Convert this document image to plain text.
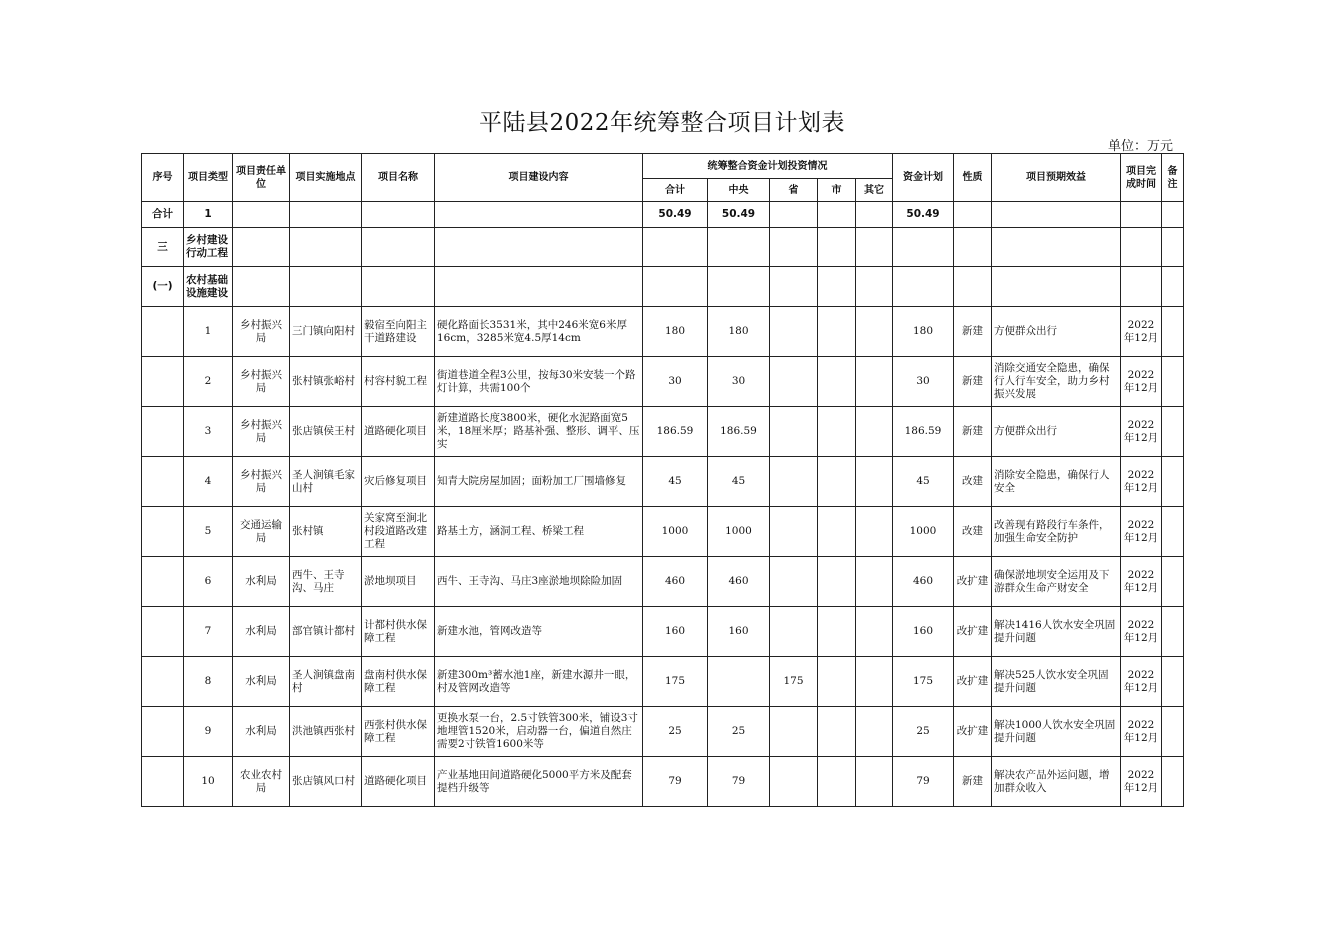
平陆县2022年统筹整合项目计划表
单位：万元
序号	项目类型	项目责任单位	项目实施地点	项目名称	项目建设内容	统筹整合资金计划投资情况					资金计划	性质	项目预期效益	项目完成时间	备注
						合计	中央	省	市	其它					
合计	1					50.49	50.49				50.49				
三	乡村建设行动工程														
(一)	农村基础设施建设														
	1	乡村振兴局	三门镇向阳村	毅宿至向阳主干道路建设	硬化路面长3531米，其中246米宽6米厚16cm，3285米宽4.5厚14cm	180	180				180	新建	方便群众出行	2022年12月	
	2	乡村振兴局	张村镇张峪村	村容村貌工程	街道巷道全程3公里，按每30米安装一个路灯计算，共需100个	30	30				30	新建	消除交通安全隐患，确保行人行车安全，助力乡村振兴发展	2022年12月	
	3	乡村振兴局	张店镇侯王村	道路硬化项目	新建道路长度3800米，硬化水泥路面宽5米，18厘米厚；路基补强、整形、调平、压实	186.59	186.59				186.59	新建	方便群众出行	2022年12月	
	4	乡村振兴局	圣人涧镇毛家山村	灾后修复项目	知青大院房屋加固；面粉加工厂围墙修复	45	45				45	改建	消除安全隐患，确保行人安全	2022年12月	
	5	交通运输局	张村镇	关家窝至涧北村段道路改建工程	路基土方，涵洞工程、桥梁工程	1000	1000				1000	改建	改善现有路段行车条件，加强生命安全防护	2022年12月	
	6	水利局	西牛、王寺沟、马庄	淤地坝项目	西牛、王寺沟、马庄3座淤地坝除险加固	460	460				460	改扩建	确保淤地坝安全运用及下游群众生命产财安全	2022年12月	
	7	水利局	部官镇计都村	计都村供水保障工程	新建水池，管网改造等	160	160				160	改扩建	解决1416人饮水安全巩固提升问题	2022年12月	
	8	水利局	圣人涧镇盘南村	盘南村供水保障工程	新建300m³蓄水池1座，新建水源井一眼，村及管网改造等	175		175			175	改扩建	解决525人饮水安全巩固提升问题	2022年12月	
	9	水利局	洪池镇西张村	西张村供水保障工程	更换水泵一台，2.5寸铁管300米，铺设3寸地埋管1520米，启动器一台，偏道自然庄需要2寸铁管1600米等	25	25				25	改扩建	解决1000人饮水安全巩固提升问题	2022年12月	
	10	农业农村局	张店镇风口村	道路硬化项目	产业基地田间道路硬化5000平方米及配套提档升级等	79	79				79	新建	解决农产品外运问题，增加群众收入	2022年12月	
